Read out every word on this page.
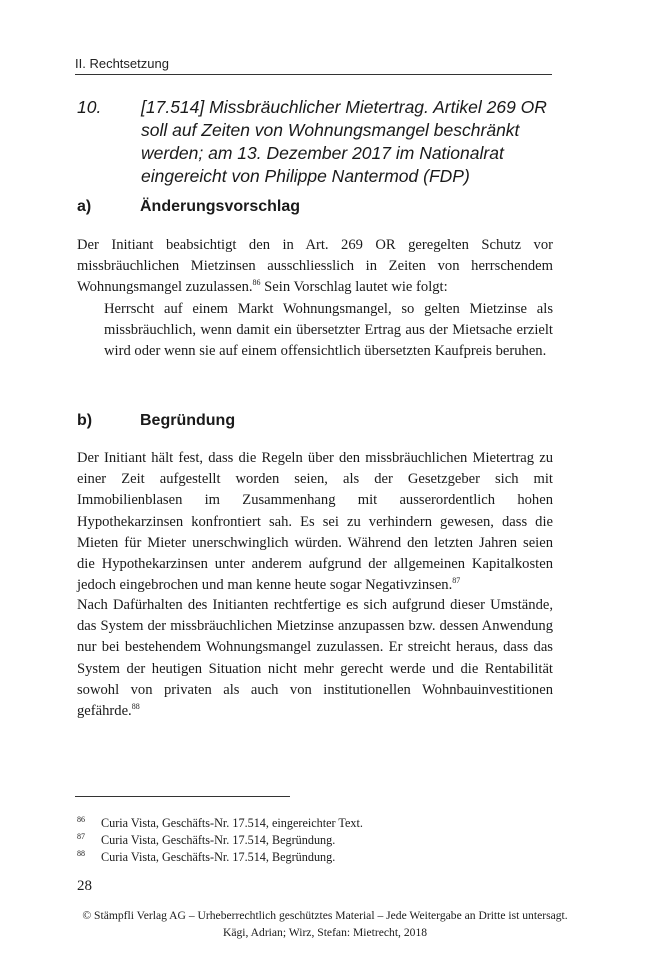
II. Rechtsetzung
10. [17.514] Missbräuchlicher Mietertrag. Artikel 269 OR soll auf Zeiten von Wohnungsmangel beschränkt werden; am 13. Dezember 2017 im Nationalrat eingereicht von Philippe Nantermod (FDP)
a)	Änderungsvorschlag

Der Initiant beabsichtigt den in Art. 269 OR geregelten Schutz vor missbräuchlichen Mietzinsen ausschliesslich in Zeiten von herrschendem Wohnungsmangel zuzulassen.$^{86}$ Sein Vorschlag lautet wie folgt:

Herrscht auf einem Markt Wohnungsmangel, so gelten Mietzinse als missbräuchlich, wenn damit ein übersetzter Ertrag aus der Mietsache erzielt wird oder wenn sie auf einem offensichtlich übersetzten Kaufpreis beruhen.

b)	Begründung

Der Initiant hält fest, dass die Regeln über den missbräuchlichen Mietertrag zu einer Zeit aufgestellt worden seien, als der Gesetzgeber sich mit Immobilienblasen im Zusammenhang mit ausserordentlich hohen Hypothekarzinsen konfrontiert sah. Es sei zu verhindern gewesen, dass die Mieten für Mieter unerschwinglich würden. Während den letzten Jahren seien die Hypothekarzinsen unter anderem aufgrund der allgemeinen Kapitalkosten jedoch eingebrochen und man kenne heute sogar Negativzinsen.$^{87}$

Nach Dafürhalten des Initianten rechtfertige es sich aufgrund dieser Umstände, das System der missbräuchlichen Mietzinse anzupassen bzw. dessen Anwendung nur bei bestehendem Wohnungsmangel zuzulassen. Er streicht heraus, dass das System der heutigen Situation nicht mehr gerecht werde und die Rentabilität sowohl von privaten als auch von institutionellen Wohnbauinvestitionen gefährde.$^{88}$

86 Curia Vista, Geschäfts-Nr. 17.514, eingereichter Text.
87 Curia Vista, Geschäfts-Nr. 17.514, Begründung.
88 Curia Vista, Geschäfts-Nr. 17.514, Begründung.
28
© Stämpfli Verlag AG – Urheberrechtlich geschütztes Material – Jede Weitergabe an Dritte ist untersagt.
Kägi, Adrian; Wirz, Stefan: Mietrecht, 2018
